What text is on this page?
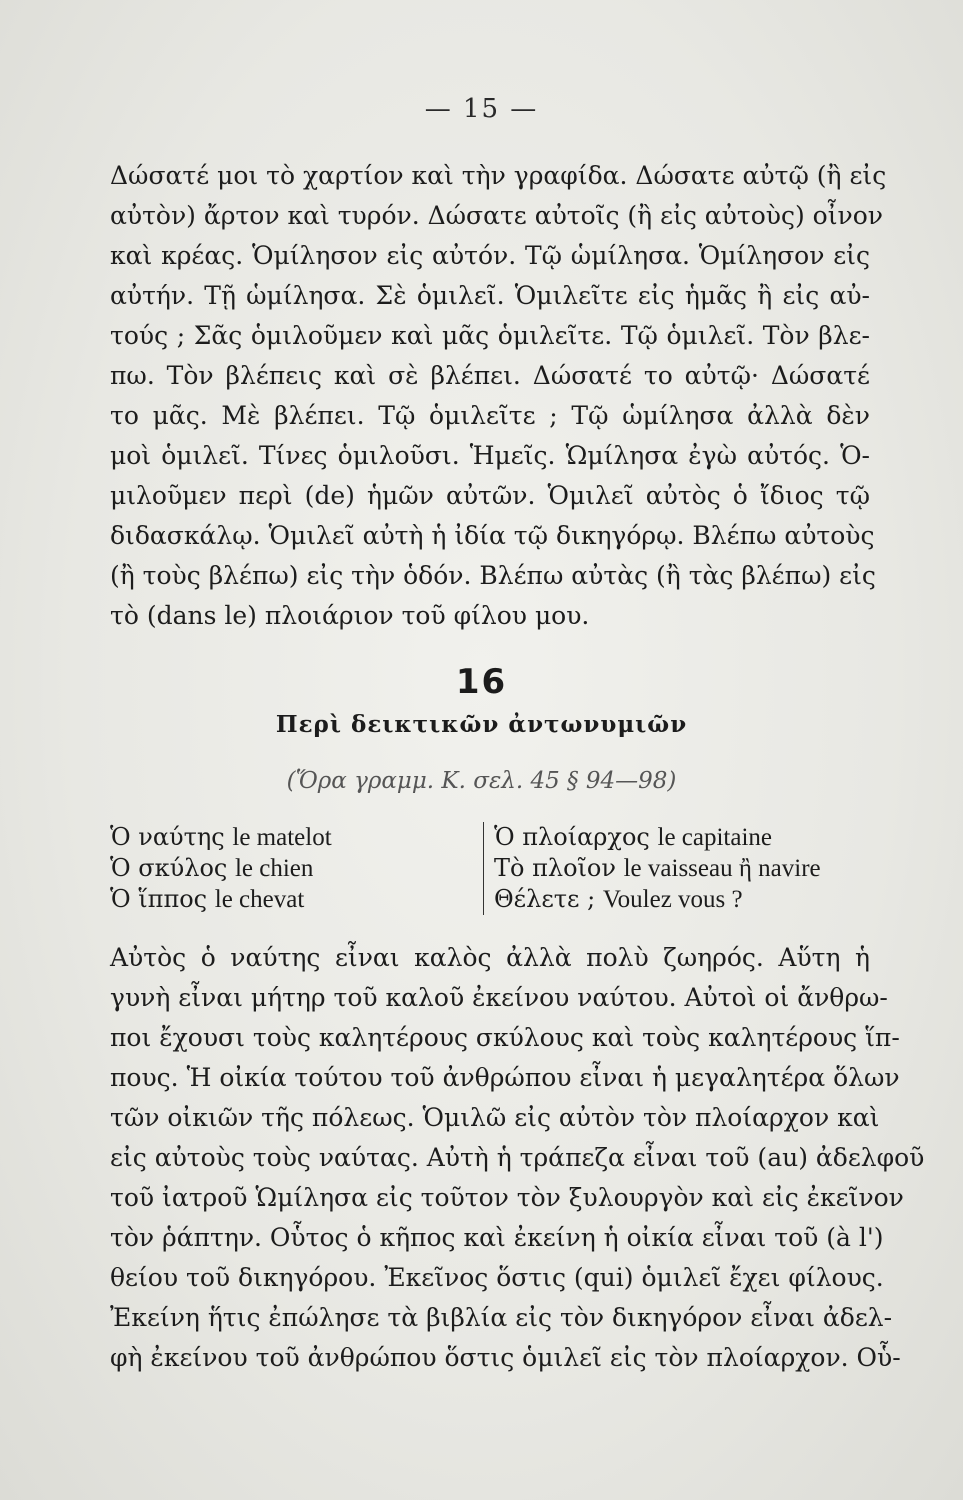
— 15 —
Δώσατέ μοι τὸ χαρτίον καὶ τὴν γραφίδα. Δώσατε αὐτῷ (ἢ εἰς
αὐτὸν) ἄρτον καὶ τυρόν. Δώσατε αὐτοῖς (ἢ εἰς αὐτοὺς) οἶνον
καὶ κρέας. Ὁμίλησον εἰς αὐτόν. Τῷ ὡμίλησα. Ὁμίλησον εἰς
αὐτήν. Τῇ ὡμίλησα. Σὲ ὁμιλεῖ. Ὁμιλεῖτε εἰς ἡμᾶς ἢ εἰς αὐ-
τούς ; Σᾶς ὁμιλοῦμεν καὶ μᾶς ὁμιλεῖτε. Τῷ ὁμιλεῖ. Τὸν βλε-
πω. Τὸν βλέπεις καὶ σὲ βλέπει. Δώσατέ το αὐτῷ· Δώσατέ
το μᾶς. Μὲ βλέπει. Τῷ ὁμιλεῖτε ; Τῷ ὡμίλησα ἀλλὰ δὲν
μοὶ ὁμιλεῖ. Τίνες ὁμιλοῦσι. Ἡμεῖς. Ὡμίλησα ἐγὼ αὐτός. Ὁ-
μιλοῦμεν περὶ (de) ἡμῶν αὐτῶν. Ὁμιλεῖ αὐτὸς ὁ ἴδιος τῷ
διδασκάλῳ. Ὁμιλεῖ αὐτὴ ἡ ἰδία τῷ δικηγόρῳ. Βλέπω αὐτοὺς
(ἢ τοὺς βλέπω) εἰς τὴν ὁδόν. Βλέπω αὐτὰς (ἢ τὰς βλέπω) εἰς
τὸ (dans le) πλοιάριον τοῦ φίλου μου.
16
Περὶ δεικτικῶν ἀντωνυμιῶν
(Ὅρα γραμμ. Κ. σελ. 45 § 94—98)
Ὁ ναύτης le matelot
Ὁ σκύλος le chien
Ὁ ἵππος le chevat
Ὁ πλοίαρχος le capitaine
Τὸ πλοῖον le vaisseau ἢ navire
Θέλετε ; Voulez vous ?
Αὐτὸς ὁ ναύτης εἶναι καλὸς ἀλλὰ πολὺ ζωηρός. Αὕτη ἡ
γυνὴ εἶναι μήτηρ τοῦ καλοῦ ἐκείνου ναύτου. Αὐτοὶ οἱ ἄνθρω-
ποι ἔχουσι τοὺς καλητέρους σκύλους καὶ τοὺς καλητέρους ἵπ-
πους. Ἡ οἰκία τούτου τοῦ ἀνθρώπου εἶναι ἡ μεγαλητέρα ὅλων
τῶν οἰκιῶν τῆς πόλεως. Ὁμιλῶ εἰς αὐτὸν τὸν πλοίαρχον καὶ
εἰς αὐτοὺς τοὺς ναύτας. Αὐτὴ ἡ τράπεζα εἶναι τοῦ (au) ἀδελφοῦ
τοῦ ἰατροῦ Ὡμίλησα εἰς τοῦτον τὸν ξυλουργὸν καὶ εἰς ἐκεῖνον
τὸν ῥάπτην. Οὗτος ὁ κῆπος καὶ ἐκείνη ἡ οἰκία εἶναι τοῦ (à l')
θείου τοῦ δικηγόρου. Ἐκεῖνος ὅστις (qui) ὁμιλεῖ ἔχει φίλους.
Ἐκείνη ἥτις ἐπώλησε τὰ βιβλία εἰς τὸν δικηγόρον εἶναι ἀδελ-
φὴ ἐκείνου τοῦ ἀνθρώπου ὅστις ὁμιλεῖ εἰς τὸν πλοίαρχον. Οὗ-
